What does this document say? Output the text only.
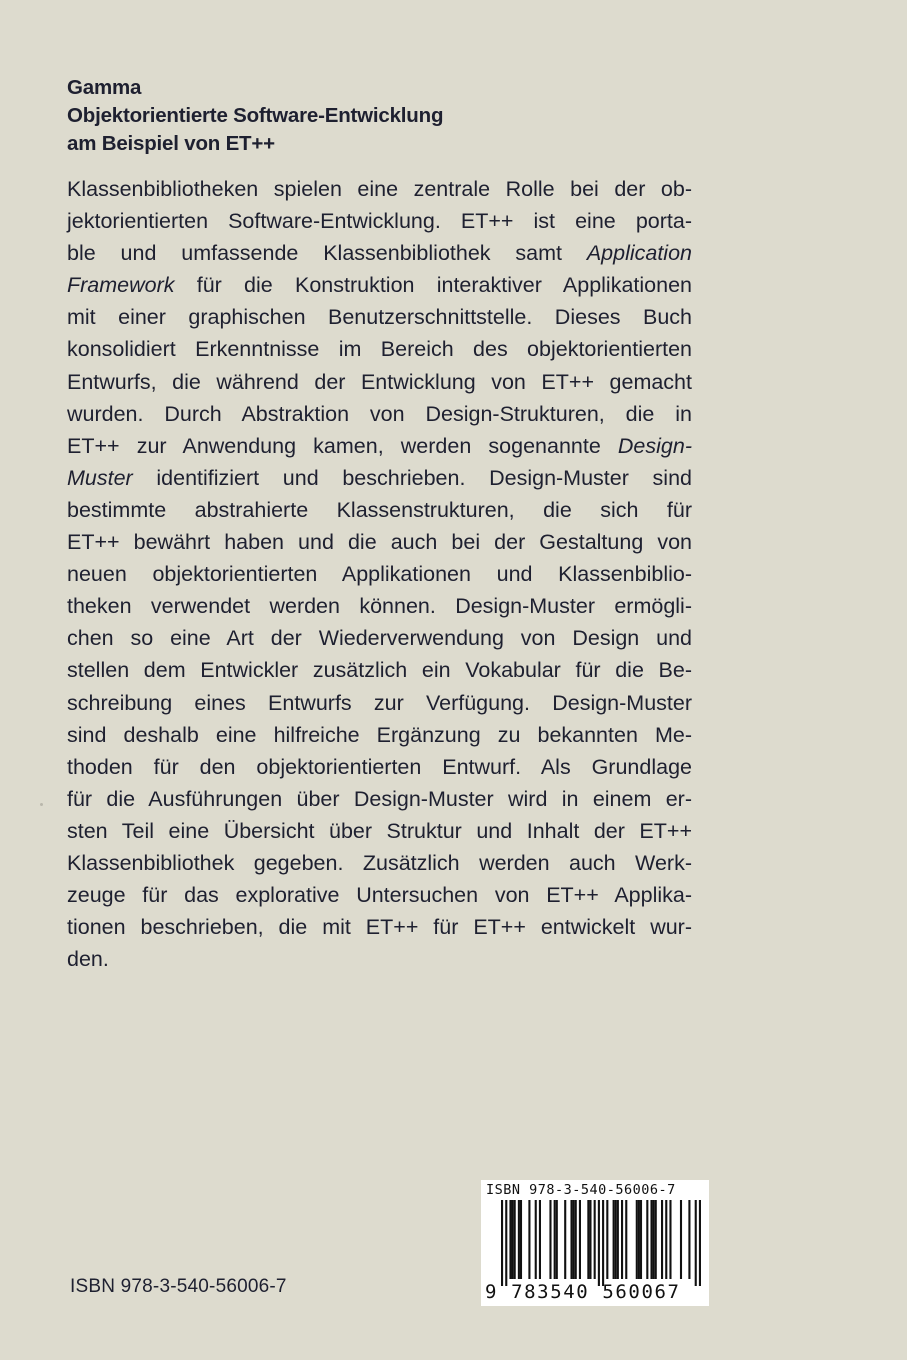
Gamma
Objektorientierte Software-Entwicklung
am Beispiel von ET++
Klassenbibliotheken spielen eine zentrale Rolle bei der ob-
jektorientierten Software-Entwicklung. ET++ ist eine porta-
ble und umfassende Klassenbibliothek samt Application
Framework für die Konstruktion interaktiver Applikationen
mit einer graphischen Benutzerschnittstelle. Dieses Buch
konsolidiert Erkenntnisse im Bereich des objektorientierten
Entwurfs, die während der Entwicklung von ET++ gemacht
wurden. Durch Abstraktion von Design-Strukturen, die in
ET++ zur Anwendung kamen, werden sogenannte Design-
Muster identifiziert und beschrieben. Design-Muster sind
bestimmte abstrahierte Klassenstrukturen, die sich für
ET++ bewährt haben und die auch bei der Gestaltung von
neuen objektorientierten Applikationen und Klassenbiblio-
theken verwendet werden können. Design-Muster ermögli-
chen so eine Art der Wiederverwendung von Design und
stellen dem Entwickler zusätzlich ein Vokabular für die Be-
schreibung eines Entwurfs zur Verfügung. Design-Muster
sind deshalb eine hilfreiche Ergänzung zu bekannten Me-
thoden für den objektorientierten Entwurf. Als Grundlage
für die Ausführungen über Design-Muster wird in einem er-
sten Teil eine Übersicht über Struktur und Inhalt der ET++
Klassenbibliothek gegeben. Zusätzlich werden auch Werk-
zeuge für das explorative Untersuchen von ET++ Applika-
tionen beschrieben, die mit ET++ für ET++ entwickelt wur-
den.
ISBN 978-3-540-56006-7
ISBN 978-3-540-56006-7
9 783540 560067
